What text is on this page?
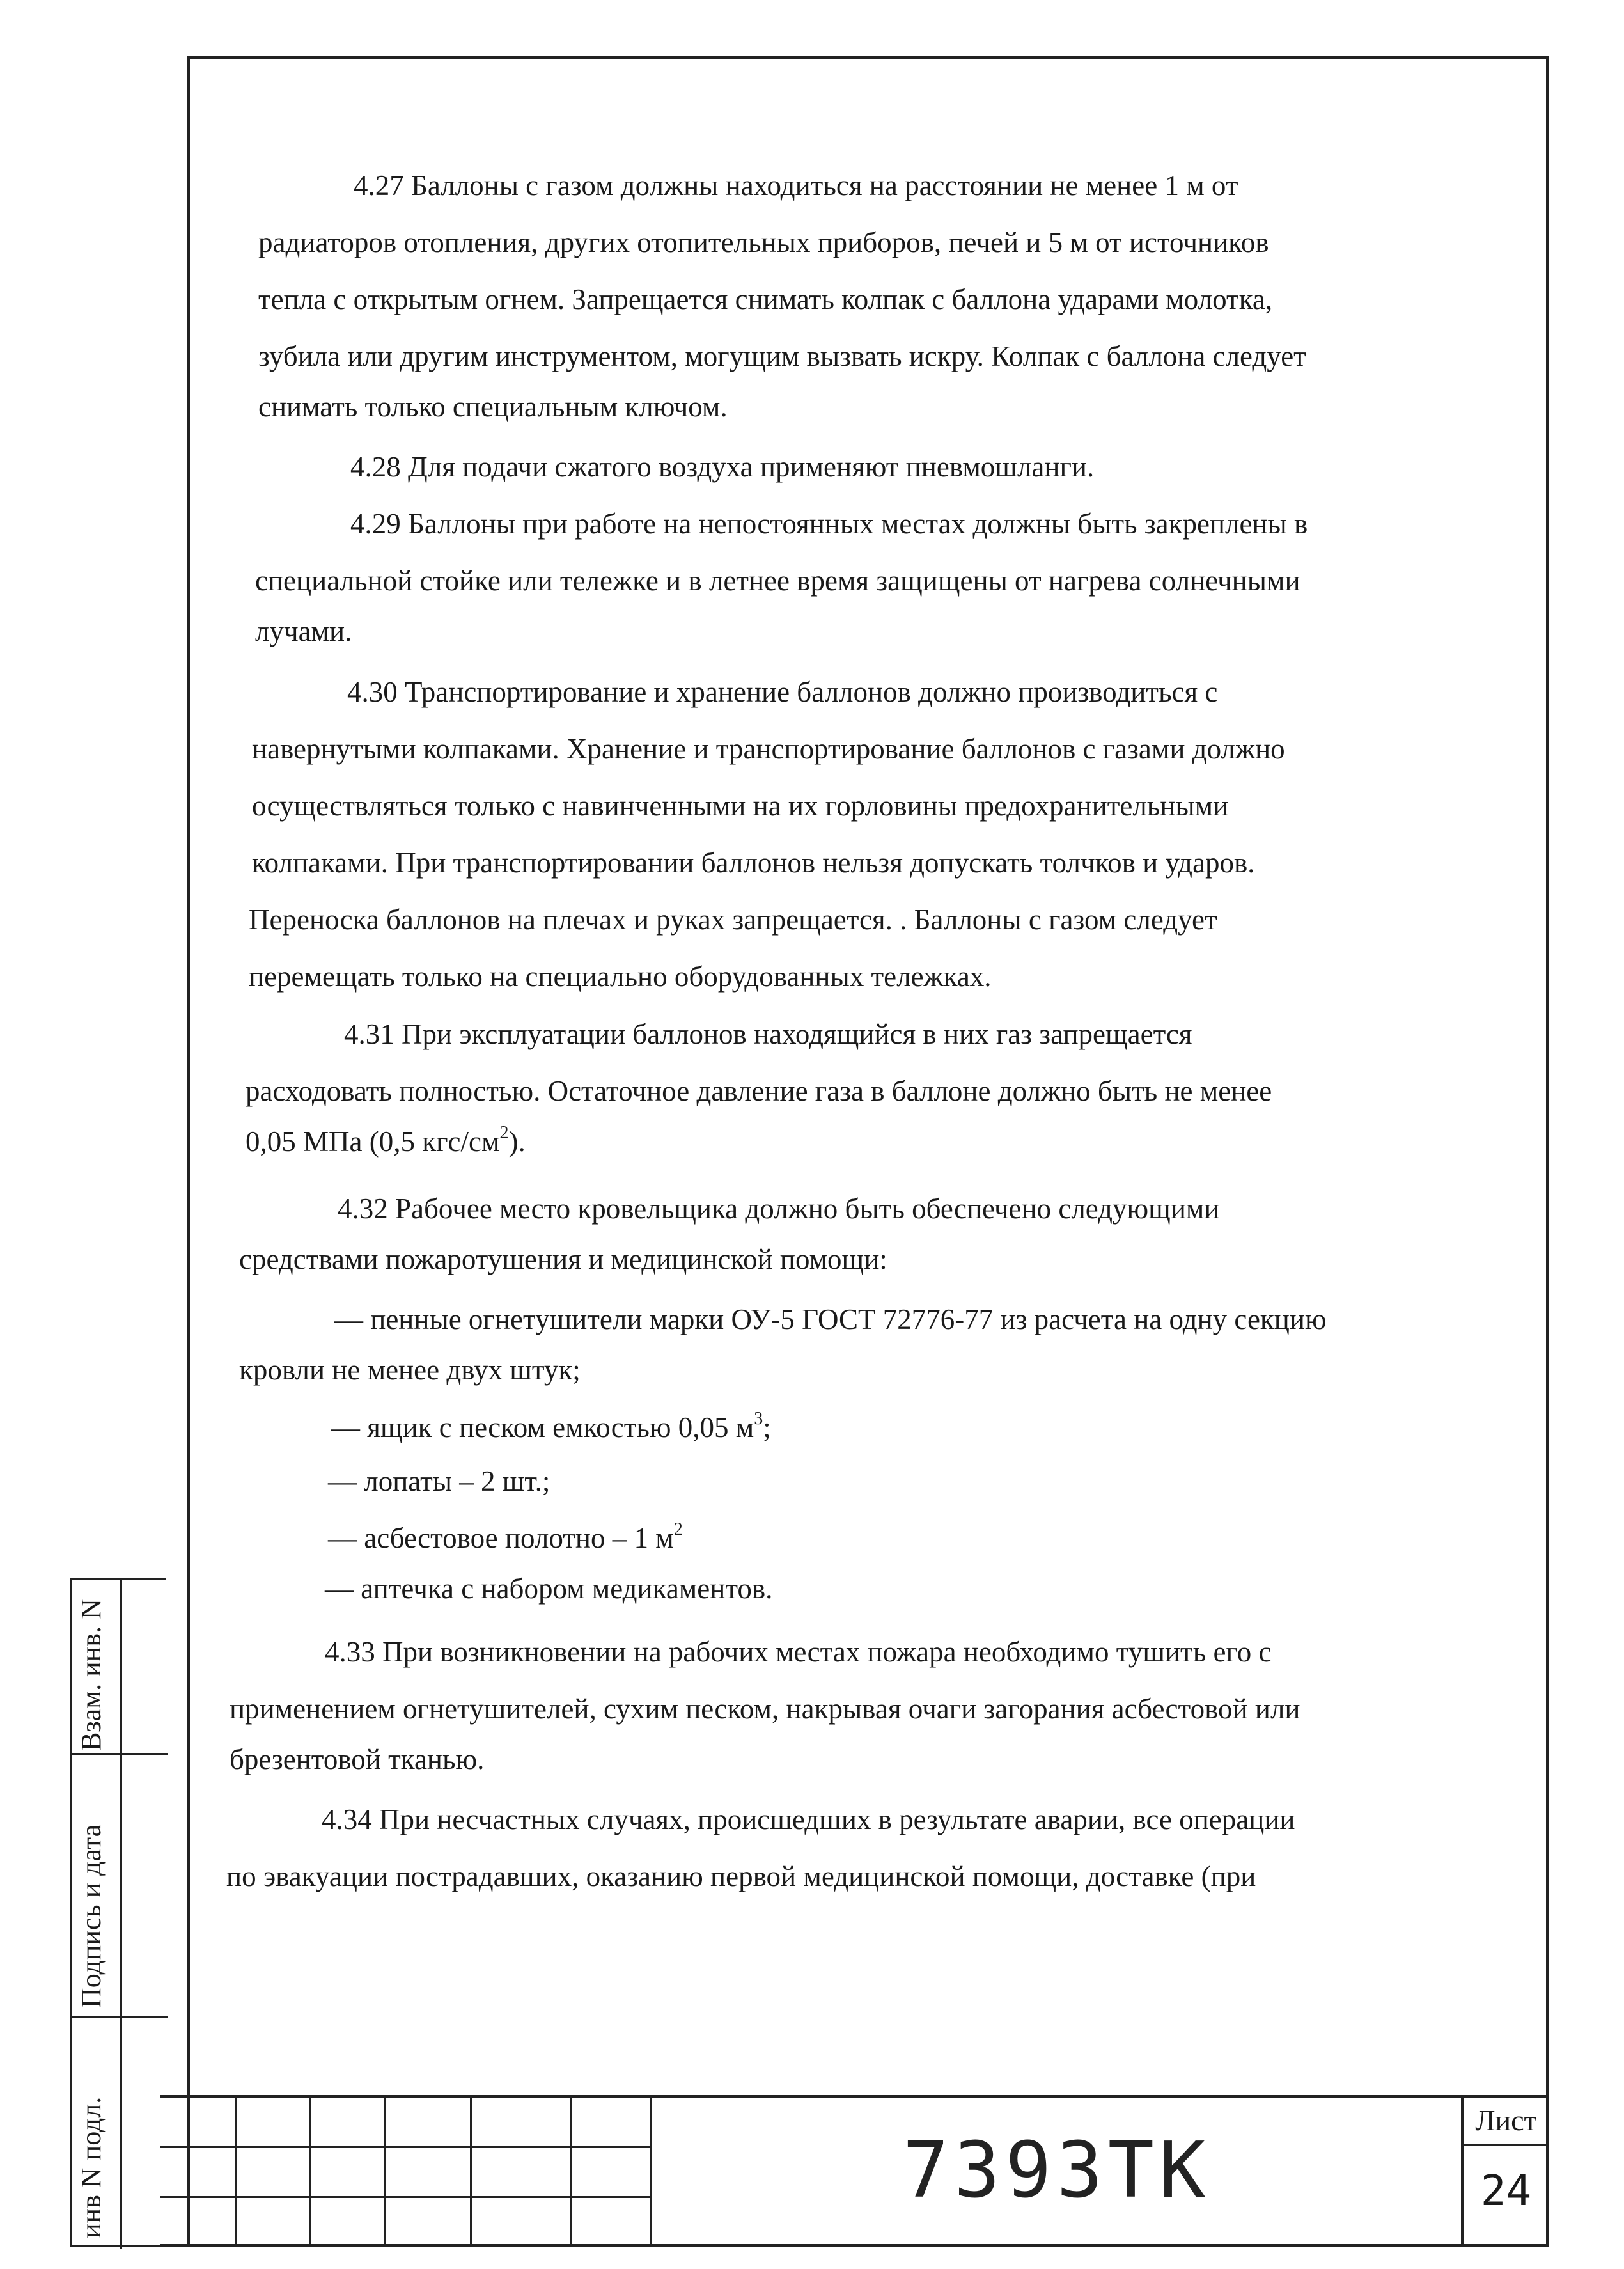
4.27 Баллоны с газом должны находиться на расстоянии не менее 1 м от
радиаторов отопления, других отопительных приборов, печей и 5 м от источников
тепла с открытым огнем. Запрещается снимать колпак с баллона ударами молотка,
зубила или другим инструментом, могущим вызвать искру. Колпак с баллона следует
снимать только специальным ключом.
4.28 Для подачи сжатого воздуха применяют пневмошланги.
4.29 Баллоны при работе на непостоянных местах должны быть закреплены в
специальной стойке или тележке и в летнее время защищены от нагрева солнечными
лучами.
4.30 Транспортирование и хранение баллонов должно производиться с
навернутыми колпаками. Хранение и транспортирование баллонов с газами должно
осуществляться только с навинченными на их горловины предохранительными
колпаками. При транспортировании баллонов нельзя допускать толчков и ударов.
Переноска баллонов на плечах и руках запрещается. . Баллоны с газом следует
перемещать только на специально оборудованных тележках.
4.31 При эксплуатации баллонов находящийся в них газ запрещается
расходовать полностью. Остаточное давление газа в баллоне должно быть не менее
0,05 МПа (0,5 кгс/$см^2$).
4.32 Рабочее место кровельщика должно быть обеспечено следующими
средствами пожаротушения и медицинской помощи:
— пенные огнетушители марки ОУ-5 ГОСТ 72776-77 из расчета на одну секцию
кровли не менее двух штук;
— ящик с песком емкостью 0,05 $м^3$;
— лопаты – 2 шт.;
— асбестовое полотно – 1 $м^2$
— аптечка с набором медикаментов.
4.33 При возникновении на рабочих местах пожара необходимо тушить его с
применением огнетушителей, сухим песком, накрывая очаги загорания асбестовой или
брезентовой тканью.
4.34 При несчастных случаях, происшедших в результате аварии, все операции
по эвакуации пострадавших, оказанию первой медицинской помощи, доставке (при
Взам. инв. N
Подпись и дата
инв N подл.	7393ТК
Лист
24
